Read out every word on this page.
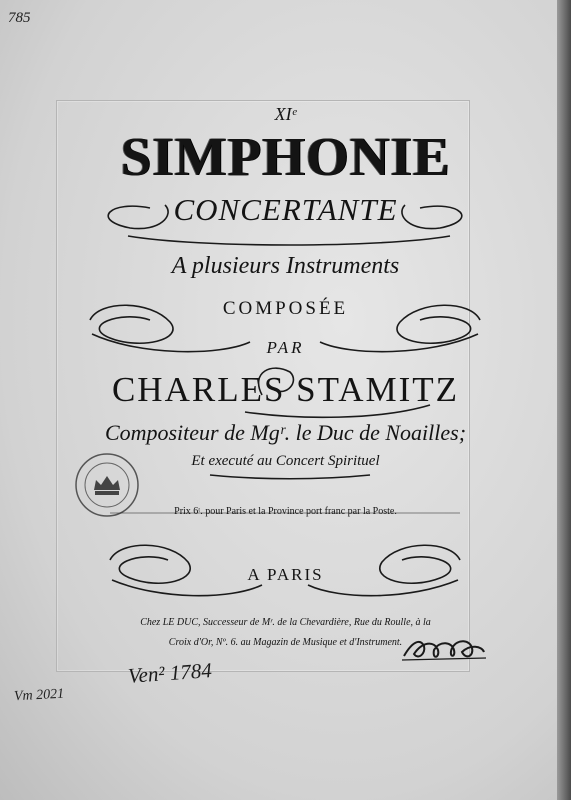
785
XIᵉ
SIMPHONIE
CONCERTANTE
A plusieurs Instruments
COMPOSÉE
PAR
CHARLES STAMITZ
Compositeur de Mgʳ. le Duc de Noailles;
Et executé au Concert Spirituel
Prix 6ᵗ. pour Paris et la Province port franc par la Poste.
A PARIS
Chez LE DUC, Successeur de Mʳ. de la Chevardière, Rue du Roulle, à la
Croix d'Or, Nº. 6. au Magazin de Musique et d'Instrument.
Ven² 1784
Vm 2021
